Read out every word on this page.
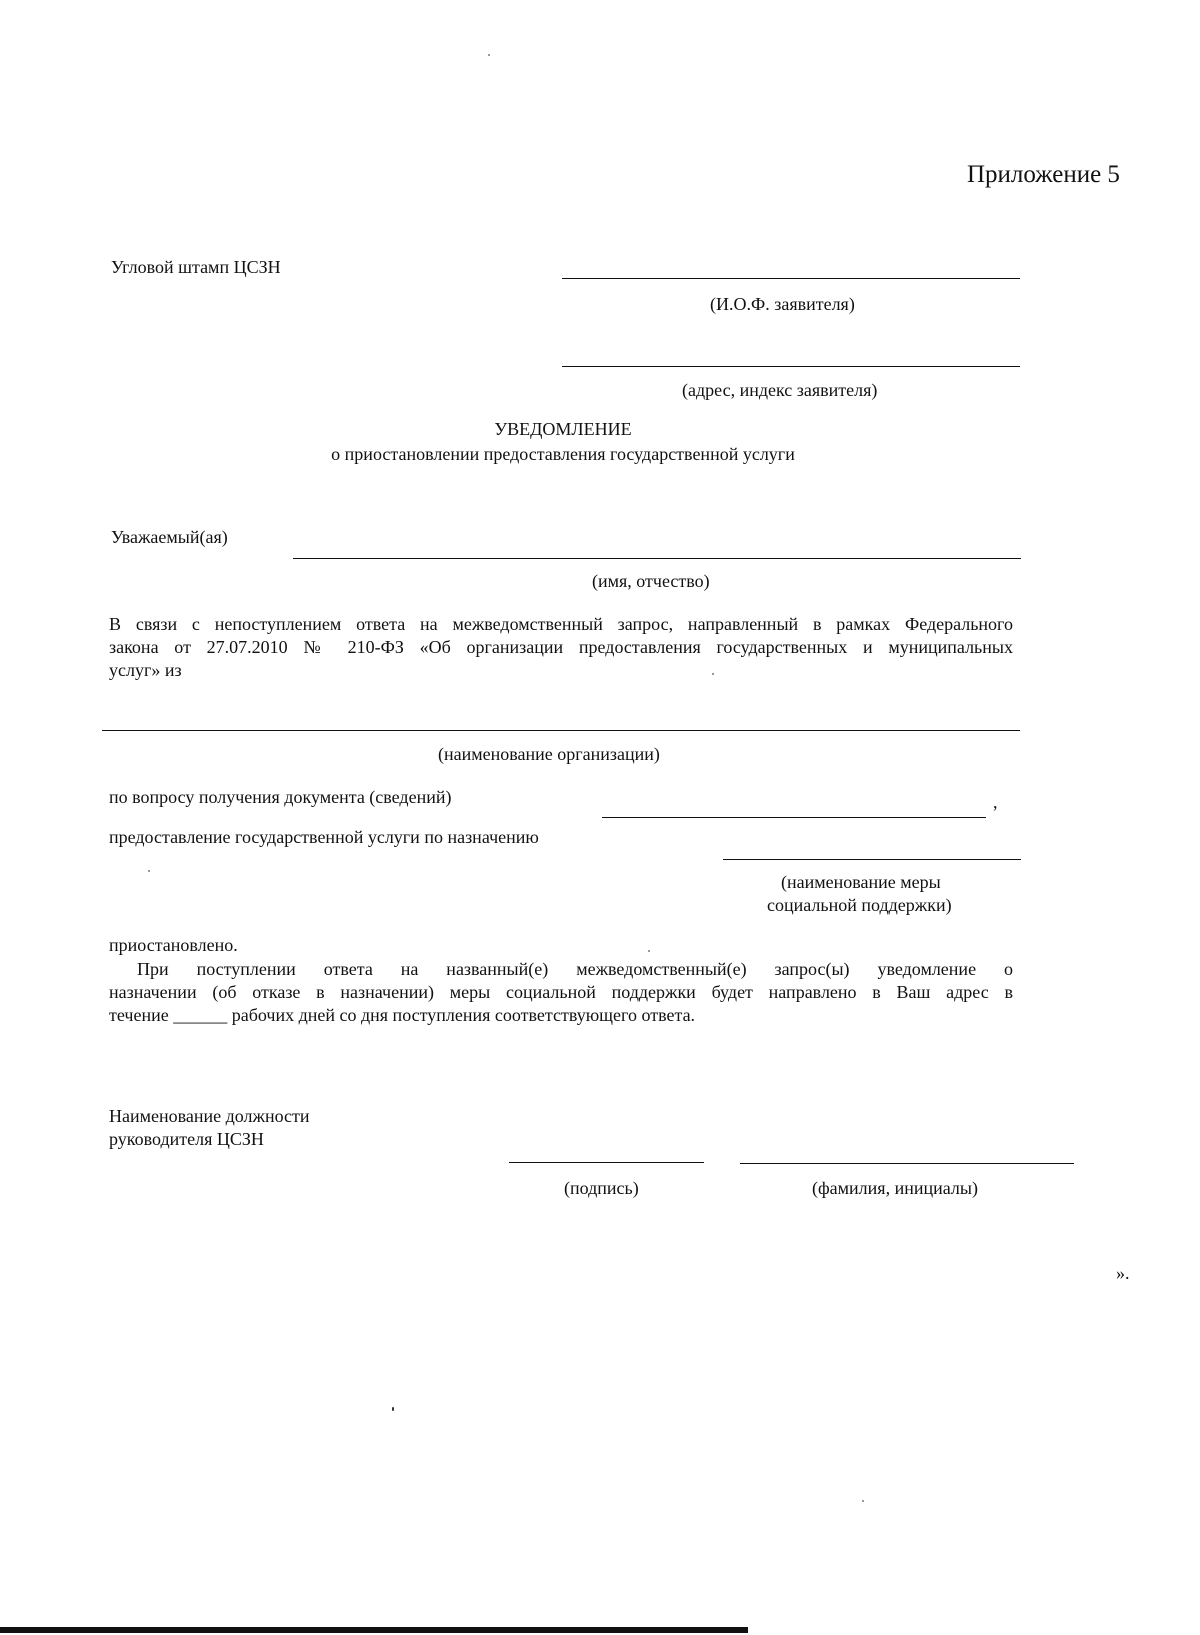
Приложение 5
Угловой штамп ЦСЗН
(И.О.Ф. заявителя)
(адрес, индекс заявителя)
УВЕДОМЛЕНИЕ
о приостановлении предоставления государственной услуги
Уважаемый(ая)
(имя, отчество)
В связи с непоступлением ответа на межведомственный запрос, направленный в рамках Федерального
закона от 27.07.2010 № 210-ФЗ «Об организации предоставления государственных и муниципальных
услуг» из
(наименование организации)
по вопросу получения документа (сведений)	,
предоставление государственной услуги по назначению
(наименование меры
социальной поддержки)
приостановлено.
При поступлении ответа на названный(е) межведомственный(е) запрос(ы) уведомление о
назначении (об отказе в назначении) меры социальной поддержки будет направлено в Ваш адрес в
течение ______ рабочих дней со дня поступления соответствующего ответа.
Наименование должности
руководителя ЦСЗН
(подпись)	(фамилия, инициалы)
».
